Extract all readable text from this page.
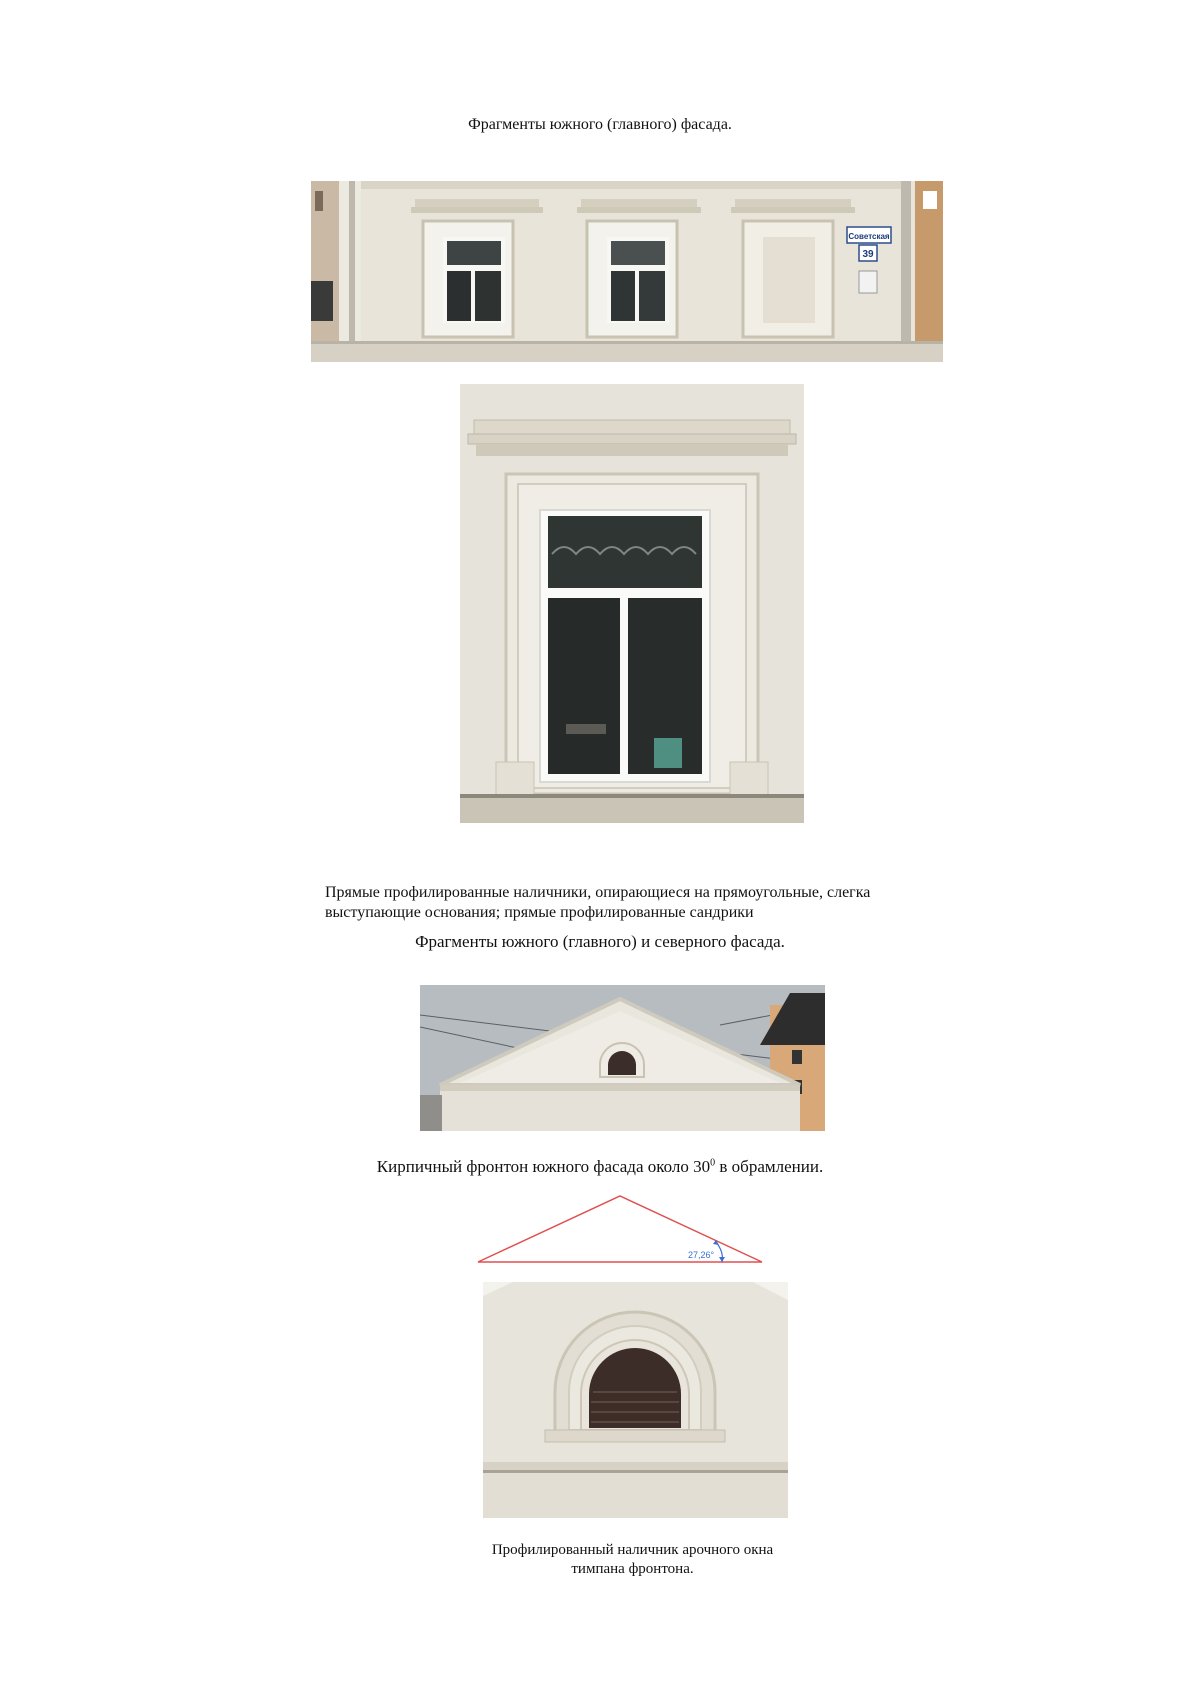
Фрагменты южного (главного) фасада.
Советская
39
Прямые профилированные наличники, опирающиеся на прямоугольные, слегка
выступающие основания; прямые профилированные сандрики
Фрагменты южного (главного) и северного фасада.
Кирпичный фронтон южного фасада около $30^0$ в обрамлении.
27,26°
Профилированный наличник арочного окна
тимпана фронтона.
